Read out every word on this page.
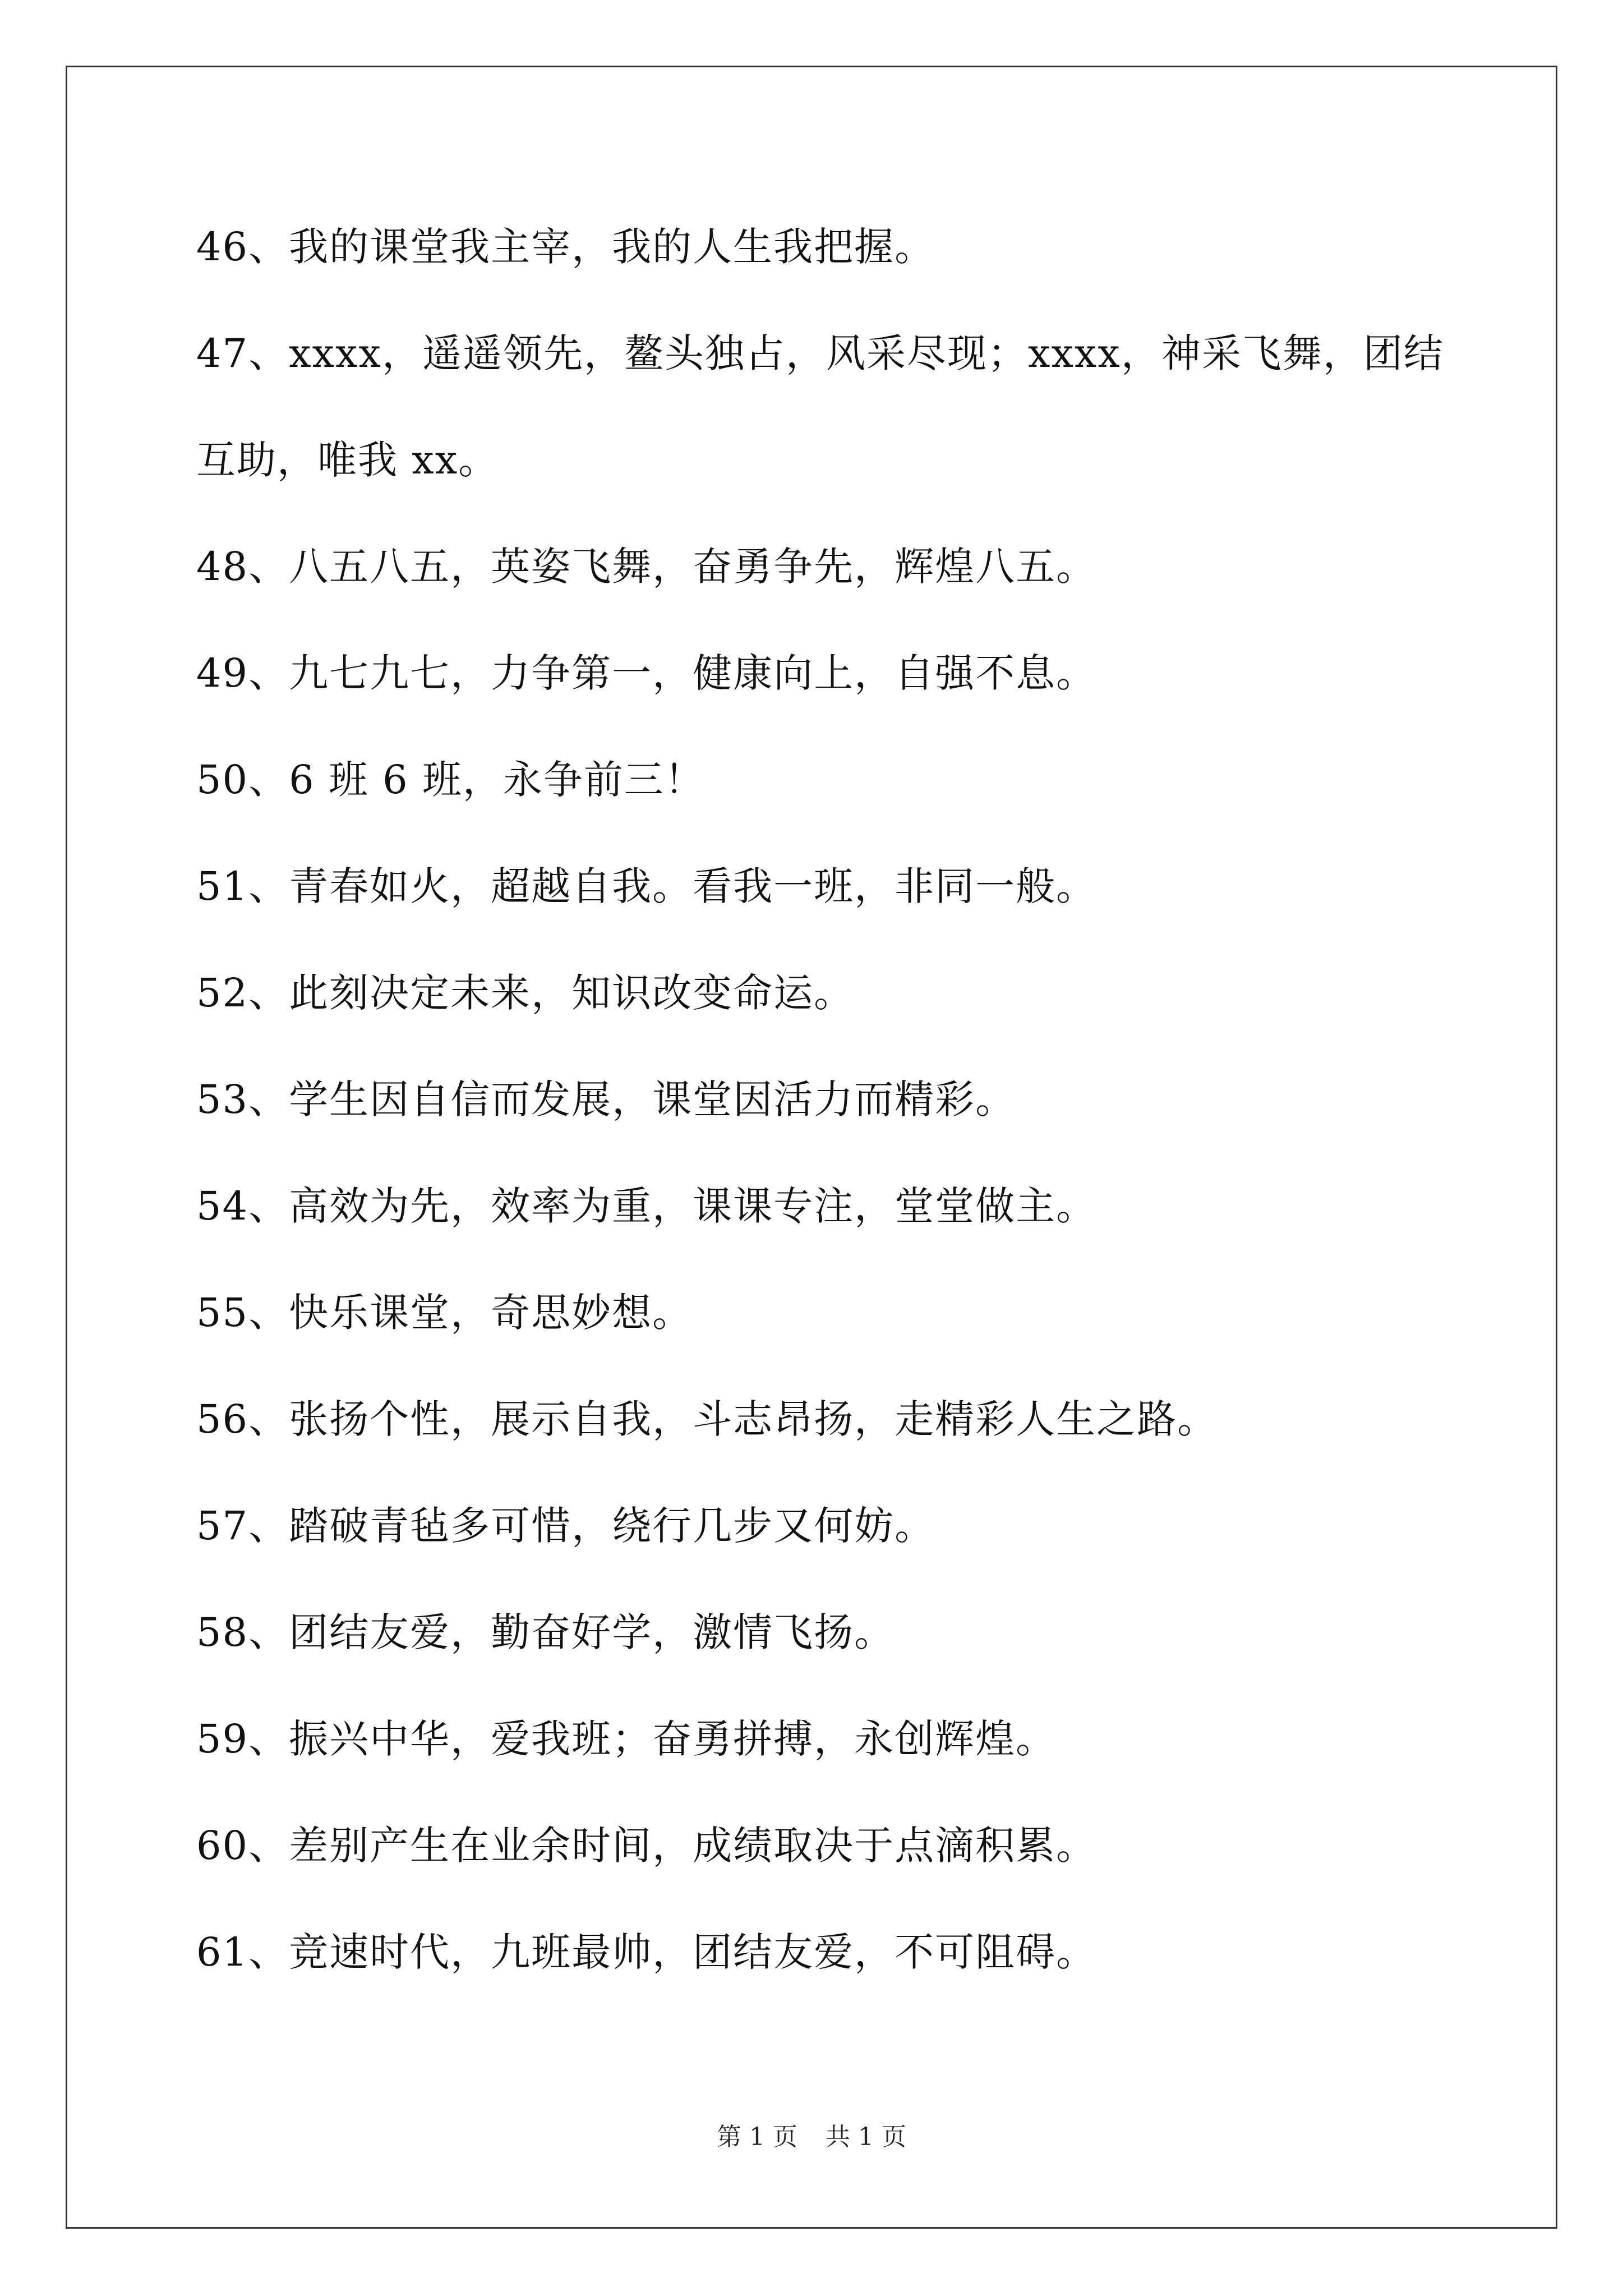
46、我的课堂我主宰，我的人生我把握。
47、xxxx，遥遥领先，鳌头独占，风采尽现；xxxx，神采飞舞，团结
互助，唯我 xx。
48、八五八五，英姿飞舞，奋勇争先，辉煌八五。
49、九七九七，力争第一，健康向上，自强不息。
50、6 班 6 班，永争前三！
51、青春如火，超越自我。看我一班，非同一般。
52、此刻决定未来，知识改变命运。
53、学生因自信而发展，课堂因活力而精彩。
54、高效为先，效率为重，课课专注，堂堂做主。
55、快乐课堂，奇思妙想。
56、张扬个性，展示自我，斗志昂扬，走精彩人生之路。
57、踏破青毡多可惜，绕行几步又何妨。
58、团结友爱，勤奋好学，激情飞扬。
59、振兴中华，爱我班；奋勇拼搏，永创辉煌。
60、差别产生在业余时间，成绩取决于点滴积累。
61、竞速时代，九班最帅，团结友爱，不可阻碍。
第 1 页 共 1 页
